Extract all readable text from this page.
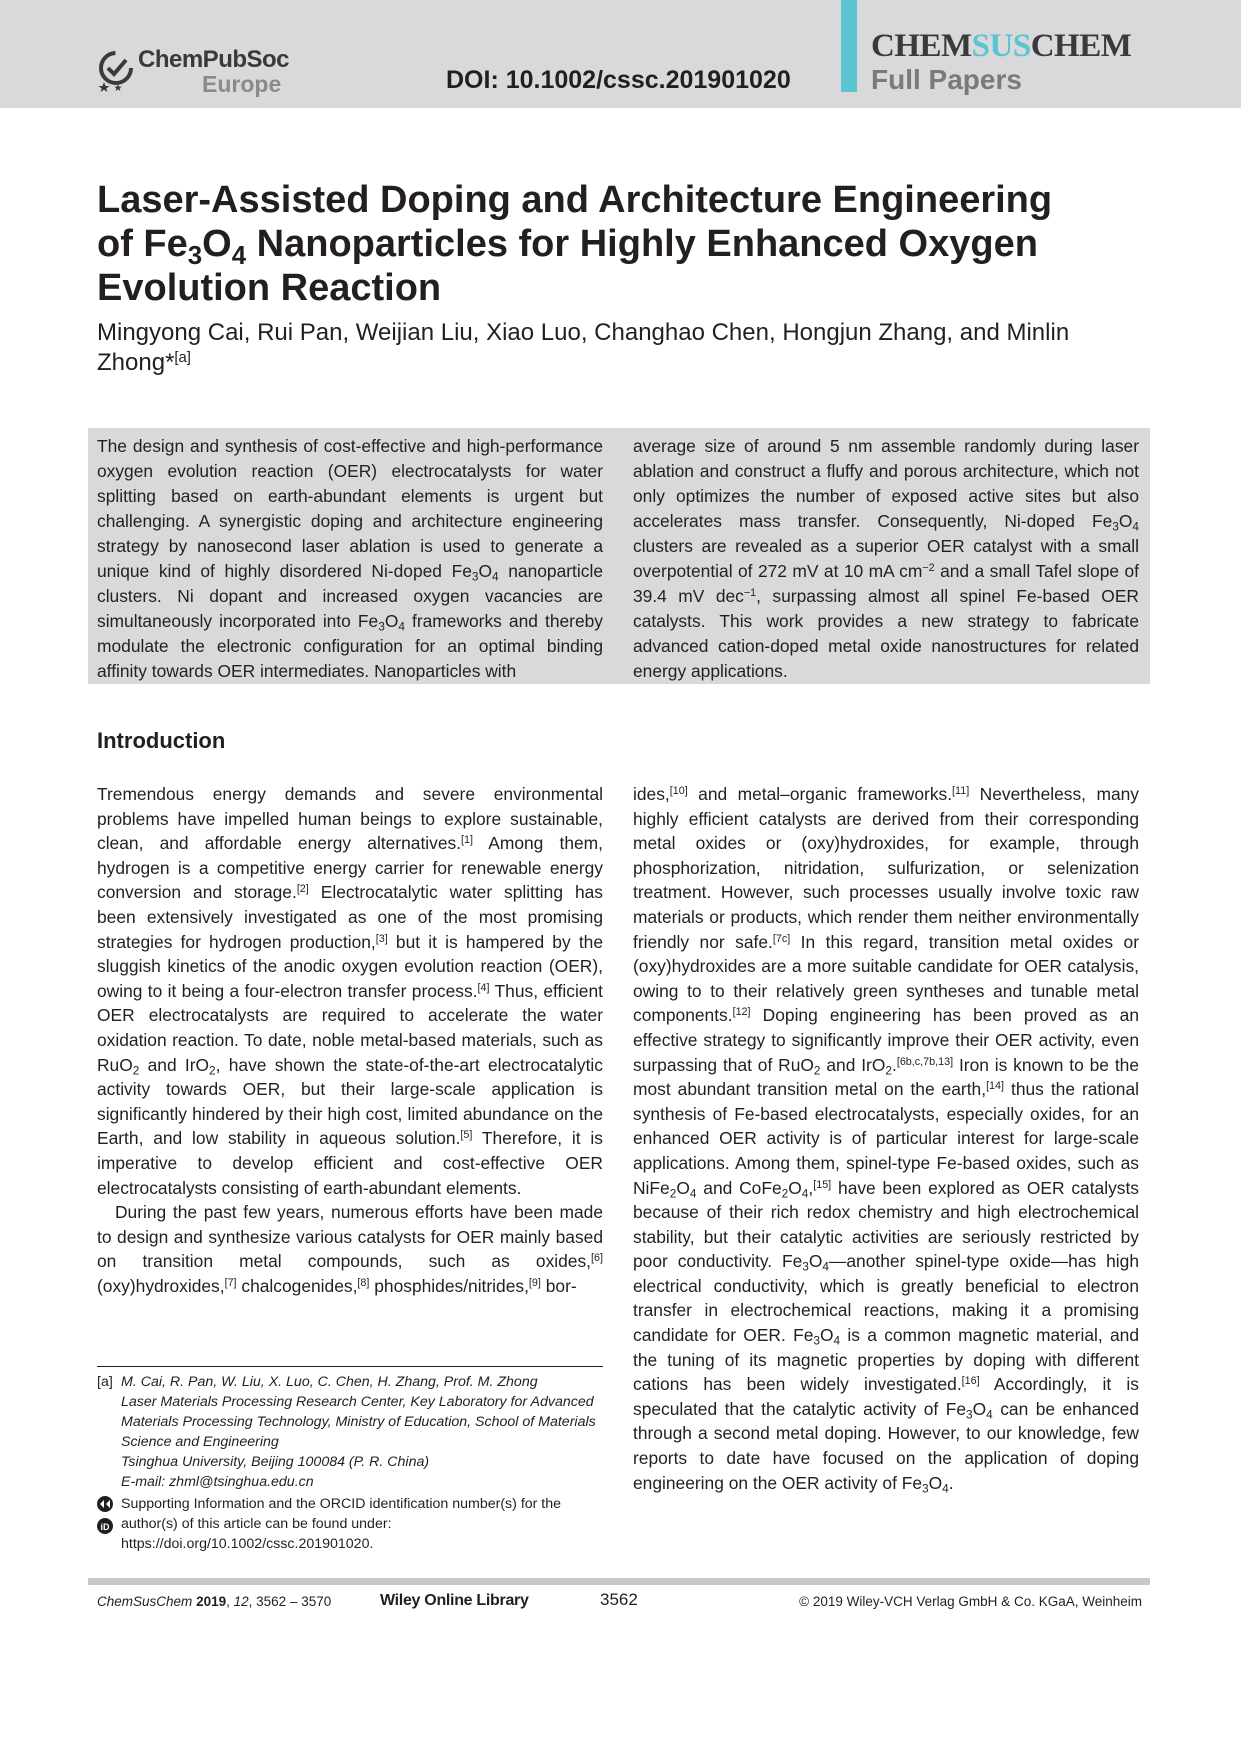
ChemPubSoc
Europe	DOI: 10.1002/cssc.201901020
CHEMSUSCHEM
Full Papers
Laser-Assisted Doping and Architecture Engineering of $Fe_3O_4$ Nanoparticles for Highly Enhanced Oxygen Evolution Reaction

Mingyong Cai, Rui Pan, Weijian Liu, Xiao Luo, Changhao Chen, Hongjun Zhang, and Minlin Zhong*[a]

The design and synthesis of cost-effective and high-performance oxygen evolution reaction (OER) electrocatalysts for water splitting based on earth-abundant elements is urgent but challenging. A synergistic doping and architecture engineering strategy by nanosecond laser ablation is used to generate a unique kind of highly disordered Ni-doped $Fe_3O_4$ nanoparticle clusters. Ni dopant and increased oxygen vacancies are simultaneously incorporated into $Fe_3O_4$ frameworks and thereby modulate the electronic configuration for an optimal binding affinity towards OER intermediates. Nanoparticles with

average size of around 5 nm assemble randomly during laser ablation and construct a fluffy and porous architecture, which not only optimizes the number of exposed active sites but also accelerates mass transfer. Consequently, Ni-doped $Fe_3O_4$ clusters are revealed as a superior OER catalyst with a small overpotential of 272 mV at 10 mA $cm^{-2}$ and a small Tafel slope of 39.4 mV dec$^{-1}$, surpassing almost all spinel Fe-based OER catalysts. This work provides a new strategy to fabricate advanced cation-doped metal oxide nanostructures for related energy applications.

Introduction

Tremendous energy demands and severe environmental problems have impelled human beings to explore sustainable, clean, and affordable energy alternatives.[1] Among them, hydrogen is a competitive energy carrier for renewable energy conversion and storage.[2] Electrocatalytic water splitting has been extensively investigated as one of the most promising strategies for hydrogen production,[3] but it is hampered by the sluggish kinetics of the anodic oxygen evolution reaction (OER), owing to it being a four-electron transfer process.[4] Thus, efficient OER electrocatalysts are required to accelerate the water oxidation reaction. To date, noble metal-based materials, such as RuO$_2$ and IrO$_2$, have shown the state-of-the-art electrocatalytic activity towards OER, but their large-scale application is significantly hindered by their high cost, limited abundance on the Earth, and low stability in aqueous solution.[5] Therefore, it is imperative to develop efficient and cost-effective OER electrocatalysts consisting of earth-abundant elements.

During the past few years, numerous efforts have been made to design and synthesize various catalysts for OER mainly based on transition metal compounds, such as oxides,[6] (oxy)hydroxides,[7] chalcogenides,[8] phosphides/nitrides,[9] bor-

ides,[10] and metal–organic frameworks.[11] Nevertheless, many highly efficient catalysts are derived from their corresponding metal oxides or (oxy)hydroxides, for example, through phosphorization, nitridation, sulfurization, or selenization treatment. However, such processes usually involve toxic raw materials or products, which render them neither environmentally friendly nor safe.[7c] In this regard, transition metal oxides or (oxy)hydroxides are a more suitable candidate for OER catalysis, owing to to their relatively green syntheses and tunable metal components.[12] Doping engineering has been proved as an effective strategy to significantly improve their OER activity, even surpassing that of RuO$_2$ and IrO$_2$.[6b,c,7b,13] Iron is known to be the most abundant transition metal on the earth,[14] thus the rational synthesis of Fe-based electrocatalysts, especially oxides, for an enhanced OER activity is of particular interest for large-scale applications. Among them, spinel-type Fe-based oxides, such as $NiFe_2O_4$ and $CoFe_2O_4,[15]$ have been explored as OER catalysts because of their rich redox chemistry and high electrochemical stability, but their catalytic activities are seriously restricted by poor conductivity. $Fe_3O_4—another$ spinel-type oxide—has high electrical conductivity, which is greatly beneficial to electron transfer in electrochemical reactions, making it a promising candidate for OER. $Fe_3O_4$ is a common magnetic material, and the tuning of its magnetic properties by doping with different cations has been widely investigated.[16] Accordingly, it is speculated that the catalytic activity of $Fe_3O_4$ can be enhanced through a second metal doping. However, to our knowledge, few reports to date have focused on the application of doping engineering on the OER activity of $Fe_3O_4$.

[a] M. Cai, R. Pan, W. Liu, X. Luo, C. Chen, H. Zhang, Prof. M. Zhong
Laser Materials Processing Research Center, Key Laboratory for Advanced Materials Processing Technology, Ministry of Education, School of Materials Science and Engineering
Tsinghua University, Beijing 100084 (P. R. China)
E-mail: zhml@tsinghua.edu.cn
iD
Supporting Information and the ORCID identification number(s) for the author(s) of this article can be found under:
https://doi.org/10.1002/cssc.201901020.
ChemSusChem 2019, 12, 3562 – 3570	Wiley Online Library	3562	© 2019 Wiley-VCH Verlag GmbH & Co. KGaA, Weinheim
